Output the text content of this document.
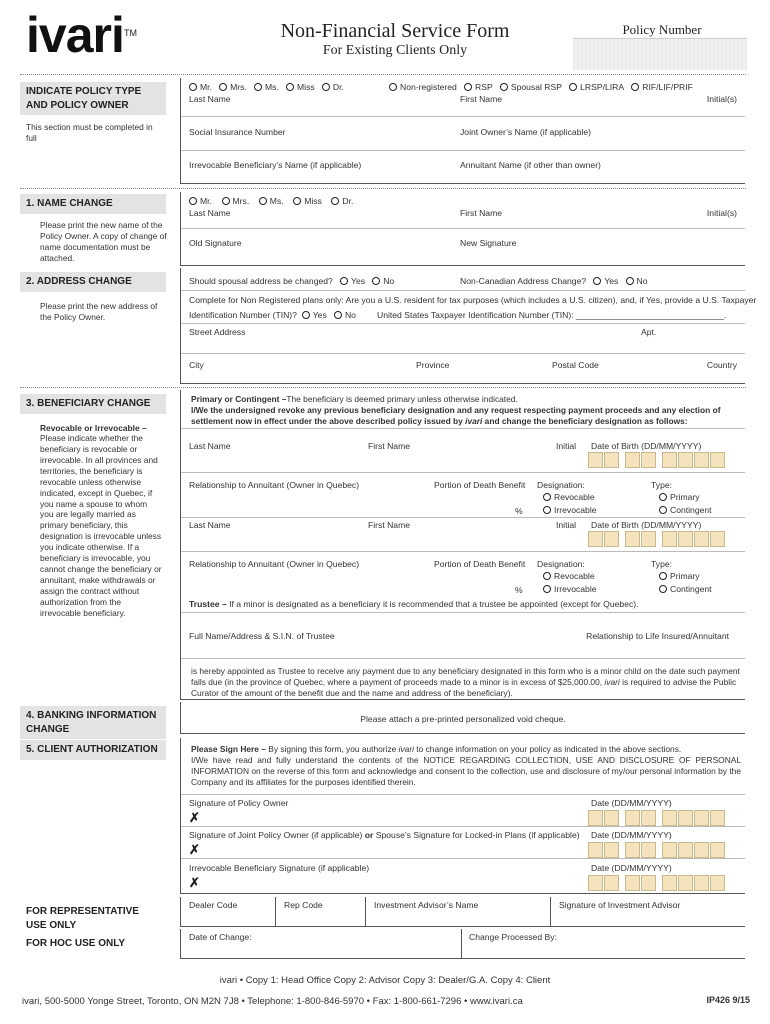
ivari TM	Non-Financial Service Form
For Existing Clients Only
Policy Number
INDICATE POLICY TYPE AND POLICY OWNER
This section must be completed in full
Mr. Mrs. Ms. Miss Dr.	Non-registered RSP Spousal RSP LRSP/LIRA RIF/LIF/PRIF
Last Name	First Name	Initial(s)
Social Insurance Number	Joint Owner’s Name (if applicable)
Irrevocable Beneficiary’s Name (if applicable)	Annuitant Name (if other than owner)
1. NAME CHANGE
Please print the new name of the Policy Owner. A copy of change of name documentation must be attached.
Mr. Mrs. Ms. Miss Dr.
Last Name	First Name	Initial(s)
Old Signature	New Signature
2. ADDRESS CHANGE
Please print the new address of the Policy Owner.
Should spousal address be changed? Yes No	Non-Canadian Address Change? Yes No
Complete for Non Registered plans only: Are you a U.S. resident for tax purposes (which includes a U.S. citizen), and, if Yes, provide a U.S. Taxpayer
Identification Number (TIN)? Yes No United States Taxpayer Identification Number (TIN): _______________________________.
Street Address	Apt.
City	Province	Postal Code	Country
3. BENEFICIARY CHANGE
Revocable or Irrevocable –
Please indicate whether the beneficiary is revocable or irrevocable. In all provinces and territories, the beneficiary is revocable unless otherwise indicated, except in Quebec, if you name a spouse to whom you are legally married as primary beneficiary, this designation is irrevocable unless you indicate otherwise. If a beneficiary is irrevocable, you cannot change the beneficiary or annuitant, make withdrawals or assign the contract without authorization from the irrevocable beneficiary.
Primary or Contingent –The beneficiary is deemed primary unless otherwise indicated.
I/We the undersigned revoke any previous beneficiary designation and any request respecting payment proceeds and any election of settlement now in effect under the above described policy issued by ivari and change the beneficiary designation as follows:
Last Name	First Name	Initial Date of Birth (DD/MM/YYYY)
Relationship to Annuitant (Owner in Quebec)	Portion of Death Benefit
%
Designation:
Revocable
Irrevocable
Type:
Primary
Contingent
Last Name	First Name	Initial Date of Birth (DD/MM/YYYY)
Relationship to Annuitant (Owner in Quebec)	Portion of Death Benefit
%
Designation:
Revocable
Irrevocable
Type:
Primary
Contingent
Trustee – If a minor is designated as a beneficiary it is recommended that a trustee be appointed (except for Quebec).
Full Name/Address & S.I.N. of Trustee	Relationship to Life Insured/Annuitant
is hereby appointed as Trustee to receive any payment due to any beneficiary designated in this form who is a minor child on the date such payment falls due (in the province of Quebec, where a payment of proceeds made to a minor is in excess of $25,000.00, ivari is required to advise the Public Curator of the amount of the benefit due and the name and address of the beneficiary).
4. BANKING INFORMATION CHANGE
Please attach a pre-printed personalized void cheque.
5. CLIENT AUTHORIZATION	Please Sign Here – By signing this form, you authorize ivari to change information on your policy as indicated in the above sections.
I/We have read and fully understand the contents of the NOTICE REGARDING COLLECTION, USE AND DISCLOSURE OF PERSONAL INFORMATION on the reverse of this form and acknowledge and consent to the collection, use and disclosure of my/our personal information by the Company and its affiliates for the purposes identified therein.
Signature of Policy Owner	Date (DD/MM/YYYY)
✗
Signature of Joint Policy Owner (if applicable) or Spouse’s Signature for Locked-in Plans (if applicable) Date (DD/MM/YYYY)
✗
Irrevocable Beneficiary Signature (if applicable)	Date (DD/MM/YYYY)
✗
FOR REPRESENTATIVE USE ONLY
Dealer Code	Rep Code	Investment Advisor’s Name	Signature of Investment Advisor
FOR HOC USE ONLY
Date of Change:	Change Processed By:
ivari • Copy 1: Head Office Copy 2: Advisor Copy 3: Dealer/G.A. Copy 4: Client
ivari, 500-5000 Yonge Street, Toronto, ON M2N 7J8 • Telephone: 1-800-846-5970 • Fax: 1-800-661-7296 • www.ivari.ca	IP426 9/15
